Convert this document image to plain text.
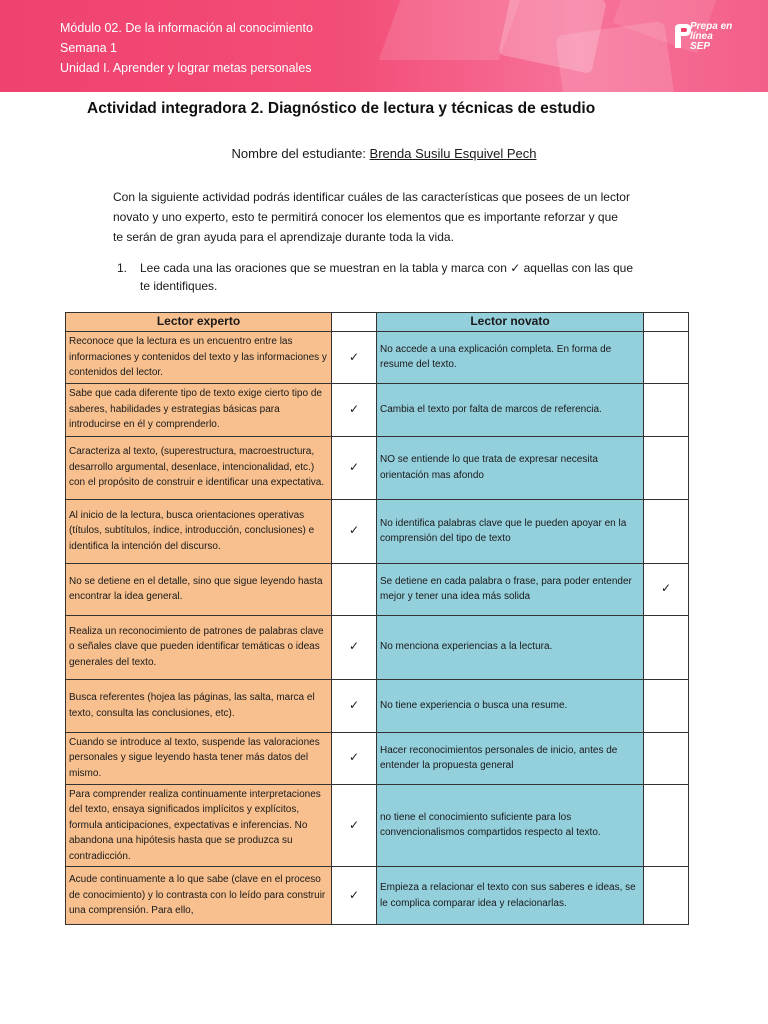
Módulo 02. De la información al conocimiento
Semana 1
Unidad I. Aprender y lograr metas personales
Prepa en
línea
SEP
Actividad integradora 2. Diagnóstico de lectura y técnicas de estudio
Nombre del estudiante: Brenda Susilu Esquivel Pech
Con la siguiente actividad podrás identificar cuáles de las características que posees de un lector
novato y uno experto, esto te permitirá conocer los elementos que es importante reforzar y que
te serán de gran ayuda para el aprendizaje durante toda la vida.
1.	Lee cada una las oraciones que se muestran en la tabla y marca con ✓ aquellas con las que
te identifiques.
Lector experto		Lector novato	
Reconoce que la lectura es un encuentro entre las informaciones y contenidos del texto y las informaciones y contenidos del lector.	✓	No accede a una explicación completa. En forma de resume del texto.	
Sabe que cada diferente tipo de texto exige cierto tipo de saberes, habilidades y estrategias básicas para introducirse en él y comprenderlo.	✓	Cambia el texto por falta de marcos de referencia.	
Caracteriza al texto, (superestructura, macroestructura, desarrollo argumental, desenlace, intencionalidad, etc.) con el propósito de construir e identificar una expectativa.	✓	NO se entiende lo que trata de expresar necesita orientación mas afondo	
Al inicio de la lectura, busca orientaciones operativas (títulos, subtítulos, índice, introducción, conclusiones) e identifica la intención del discurso.	✓	No identifica palabras clave que le pueden apoyar en la comprensión del tipo de texto	
No se detiene en el detalle, sino que sigue leyendo hasta encontrar la idea general.		Se detiene en cada palabra o frase, para poder entender mejor y tener una idea más solida	✓
Realiza un reconocimiento de patrones de palabras clave o señales clave que pueden identificar temáticas o ideas generales del texto.	✓	No menciona experiencias a la lectura.	
Busca referentes (hojea las páginas, las salta, marca el texto, consulta las conclusiones, etc).	✓	No tiene experiencia o busca una resume.	
Cuando se introduce al texto, suspende las valoraciones personales y sigue leyendo hasta tener más datos del mismo.	✓	Hacer reconocimientos personales de inicio, antes de entender la propuesta general	
Para comprender realiza continuamente interpretaciones del texto, ensaya significados implícitos y explícitos, formula anticipaciones, expectativas e inferencias. No abandona una hipótesis hasta que se produzca su contradicción.	✓	no tiene el conocimiento suficiente para los convencionalismos compartidos respecto al texto.	
Acude continuamente a lo que sabe (clave en el proceso de conocimiento) y lo contrasta con lo leído para construir una comprensión. Para ello,	✓	Empieza a relacionar el texto con sus saberes e ideas, se le complica comparar idea y relacionarlas.	
